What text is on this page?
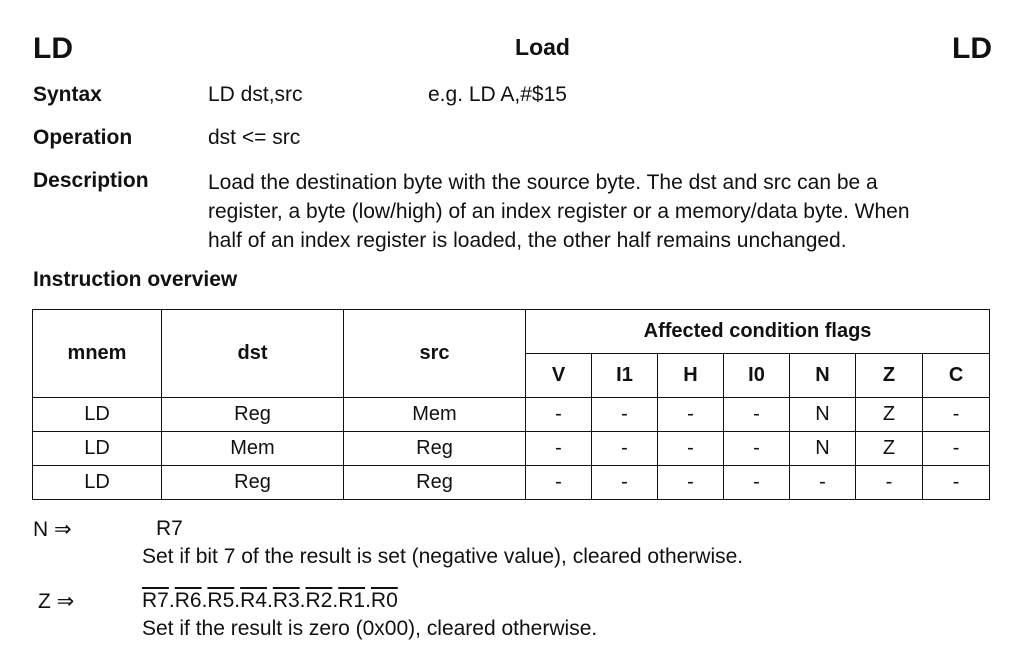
LD	Load	LD
Syntax	LD dst,src	e.g. LD A,#$15
Operation	dst <= src
Description	Load the destination byte with the source byte. The dst and src can be a
register, a byte (low/high) of an index register or a memory/data byte. When
half of an index register is loaded, the other half remains unchanged.
Instruction overview
mnem	dst	src	Affected condition flags						
			V	I1	H	I0	N	Z	C
LD	Reg	Mem	-	-	-	-	N	Z	-
LD	Mem	Reg	-	-	-	-	N	Z	-
LD	Reg	Reg	-	-	-	-	-	-	-
N ⇒	R7
Set if bit 7 of the result is set (negative value), cleared otherwise.
Z ⇒	R7.R6.R5.R4.R3.R2.R1.R0
Set if the result is zero (0x00), cleared otherwise.
